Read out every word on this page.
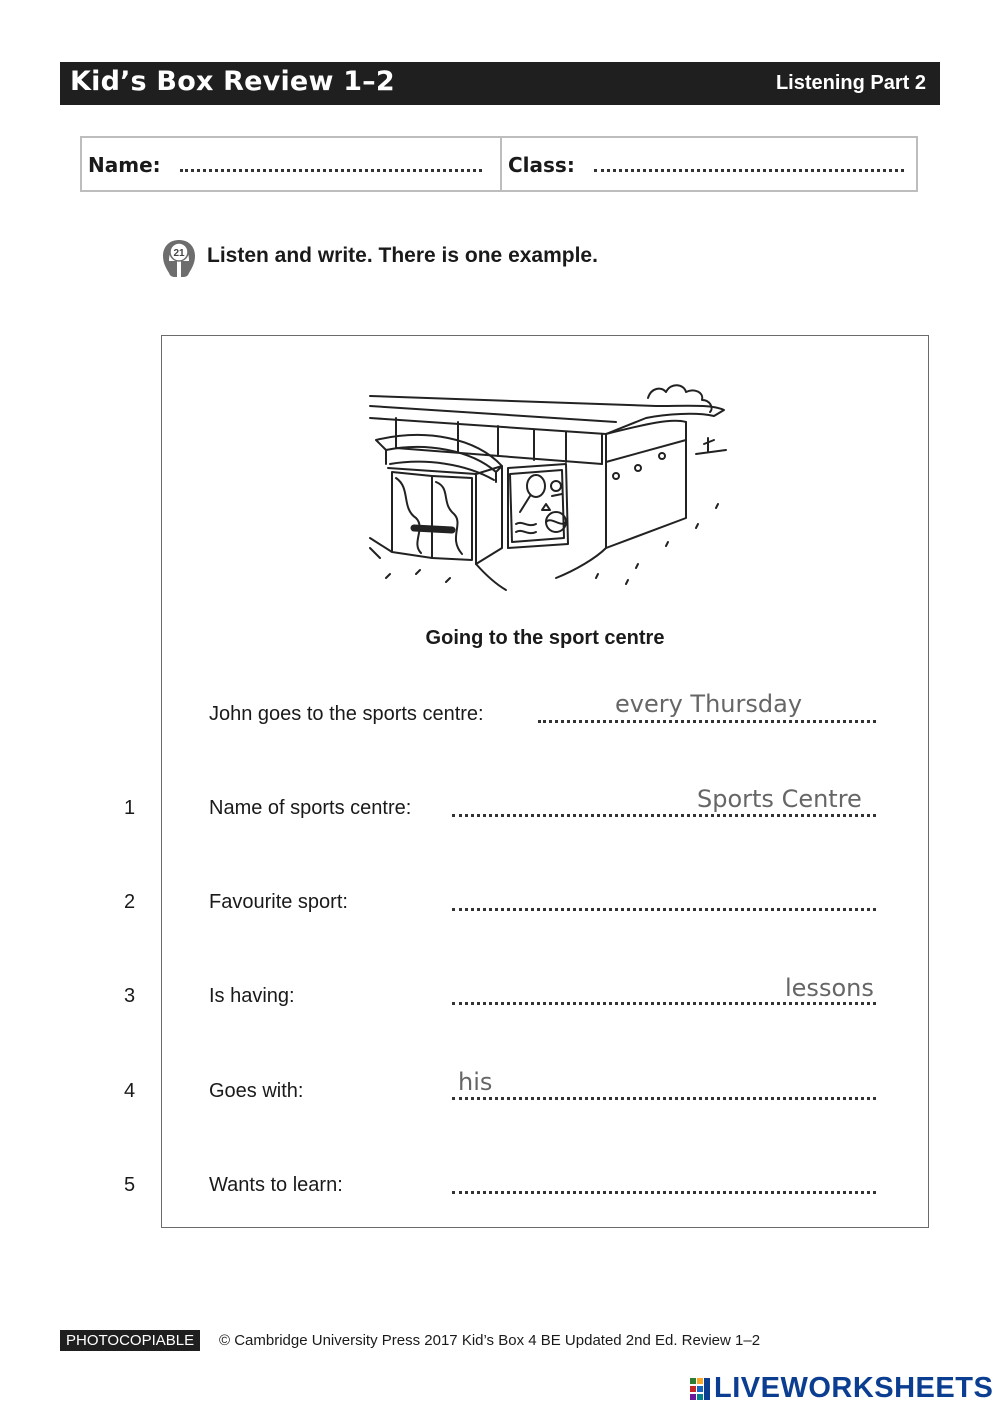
Kid’s Box Review 1–2	Listening Part 2
Name:	Class:
21 Listen and write. There is one example.
Going to the sport centre
John goes to the sports centre:	every Thursday
1	Name of sports centre:	Sports Centre
2	Favourite sport:
3	Is having:	lessons
4	Goes with:	his
5	Wants to learn:
PHOTOCOPIABLE	© Cambridge University Press 2017 Kid’s Box 4 BE Updated 2nd Ed. Review 1–2
LIVEWORKSHEETS
